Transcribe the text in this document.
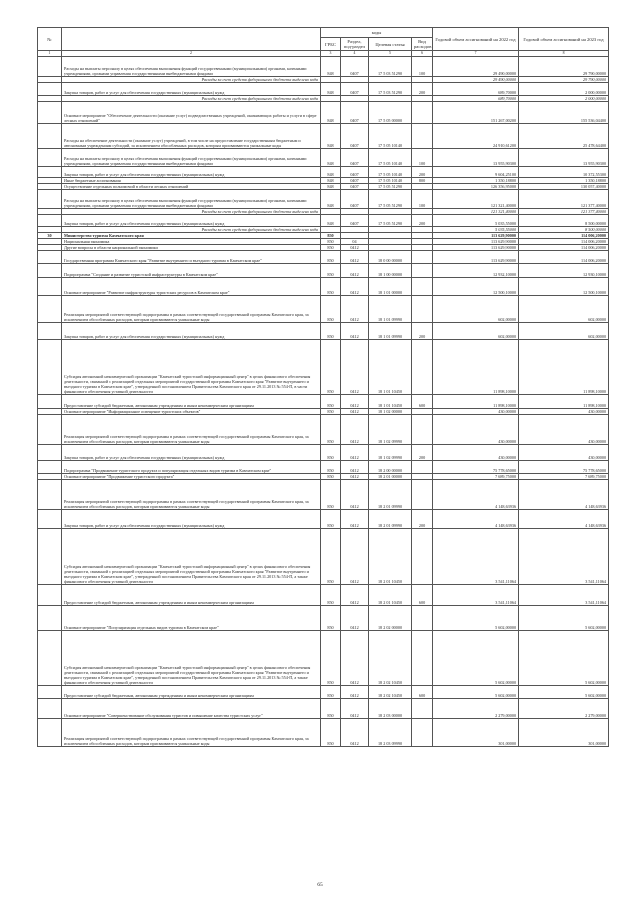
№		коды				Годовой объем ассигнований на 2022 год	Годовой объем ассигнований на 2023 год
		ГРБС	Раздел, под-раздел	Целевая статья	Вид расходов		
1	2	3	4	5	6	7	8
	Расходы на выплаты персоналу в целях обеспечения выполнения функций государственными (муниципальными) органами, казенными учреждениями, органами управления государственными внебюджетными фондами	848	0407	17 5 03 51290	100	29 490,00000	29 790,00000
	Расходы за счет средств федерального бюджета выделено кода					29 490,00000	29 790,00000
	Закупка товаров, работ и услуг для обеспечения государственных (муниципальных) нужд	848	0407	17 5 03 51290	200	689,70000	2 000,00000
	Расходы за счет средств федерального бюджета выделено кода					689,70000	2 000,00000
	Основное мероприятие "Обеспечение деятельности (оказание услуг) подведомственных учреждений, оказывающих работы и услуги в сфере лесных отношений"	848	0407	17 5 05 00000		151 267,00200	155 536,04400
	Расходы на обеспечение деятельности (оказание услуг) учреждений, в том числе на предоставление государственным бюджетным и автономным учреждениям субсидий, за исключением обособленных расходов, которым присваиваются уникальные коды	848	0407	17 5 05 10140		24 910,61200	25 478,64400
	Расходы на выплаты персоналу в целях обеспечения выполнения функций государственными (муниципальными) органами, казенными учреждениями, органами управления государственными внебюджетными фондами	848	0407	17 5 05 10140	100	13 955,90300	13 955,90300
	Закупка товаров, работ и услуг для обеспечения государственных (муниципальных) нужд	848	0407	17 5 05 10140	200	9 604,25100	10 372,55300
	Иные бюджетные ассигнования	848	0407	17 5 05 10140	800	1 350,18800	1 350,18800
	Осуществление отдельных полномочий в области лесных отношений	848	0407	17 5 05 51290		126 356,95000	130 057,40000
	Расходы на выплаты персоналу в целях обеспечения выполнения функций государственными (муниципальными) органами, казенными учреждениями, органами управления государственными внебюджетными фондами	848	0407	17 5 05 51290	100	121 321,40000	121 377,40000
	Расходы за счет средств федерального бюджета выделено кода					121 321,40000	121 377,40000
	Закупка товаров, работ и услуг для обеспечения государственных (муниципальных) нужд	848	0407	17 5 05 51290	200	5 035,55000	8 500,00000
	Расходы за счет средств федерального бюджета выделено кода					5 035,55000	8 500,00000
30	Министерство туризма Камчатского края	850				113 629,90000	114 006,20000
	Национальная экономика	850	04			113 629,90000	114 006,20000
	Другие вопросы в области национальной экономики	850	0412			113 629,90000	114 006,20000
	Государственная программа Камчатского края "Развитие внутреннего и въездного туризма в Камчатском крае"	850	0412	18 0 00 00000		113 629,90000	114 006,20000
	Подпрограмма "Создание и развитие туристской инфраструктуры в Камчатском крае"	850	0412	18 1 00 00000		12 932,10000	12 930,10000
	Основное мероприятие "Развитие инфраструктуры туристских ресурсов в Камчатском крае"	850	0412	18 1 01 00000		12 500,10000	12 500,10000
	Реализация мероприятий соответствующей подпрограммы в рамках соответствующей государственной программы Камчатского края, за исключением обособленных расходов, которым присваиваются уникальные коды	850	0412	18 1 01 09990		602,00000	602,00000
	Закупка товаров, работ и услуг для обеспечения государственных (муниципальных) нужд	850	0412	18 1 01 09990	200	602,00000	602,00000
	Субсидия автономной некоммерческой организации "Камчатский туристский информационный центр" в целях финансового обеспечения деятельности, связанной с реализацией отдельных мероприятий государственной программы Камчатского края "Развитие внутреннего и въездного туризма в Камчатском крае", утвержденной постановлением Правительства Камчатского края от 29.11.2013 № 554-П, в части финансового обеспечения уставной деятельности	850	0412	18 1 01 10450		11 898,10000	11 898,10000
	Предоставление субсидий бюджетным, автономным учреждениям и иным некоммерческим организациям	850	0412	18 1 01 10450	600	11 898,10000	11 898,10000
	Основное мероприятие "Информационное освещение туристских объектов"	850	0412	18 1 02 00000		430,00000	430,00000
	Реализация мероприятий соответствующей подпрограммы в рамках соответствующей государственной программы Камчатского края, за исключением обособленных расходов, которым присваиваются уникальные коды	850	0412	18 1 02 09990		430,00000	430,00000
	Закупка товаров, работ и услуг для обеспечения государственных (муниципальных) нужд	850	0412	18 1 02 09990	200	430,00000	430,00000
	Подпрограмма "Продвижение туристского продукта и популяризация отдельных видов туризма в Камчатском крае"	850	0412	18 2 00 00000		75 778,65000	75 778,65000
	Основное мероприятие "Продвижение туристского продукта"	850	0412	18 2 01 00000		7 689,75000	7 689,75000
	Реализация мероприятий соответствующей подпрограммы в рамках соответствующей государственной программы Камчатского края, за исключением обособленных расходов, которым присваиваются уникальные коды	850	0412	18 2 01 09990		4 148,63936	4 148,63936
	Закупка товаров, работ и услуг для обеспечения государственных (муниципальных) нужд	850	0412	18 2 01 09990	200	4 148,63936	4 148,63936
	Субсидия автономной некоммерческой организации "Камчатский туристский информационный центр" в целях финансового обеспечения деятельности, связанной с реализацией отдельных мероприятий государственной программы Камчатского края "Развитие внутреннего и въездного туризма в Камчатском крае", утвержденной постановлением Правительства Камчатского края от 29.11.2013 № 554-П, а также финансового обеспечения уставной деятельности	850	0412	18 2 01 10450		3 541,11064	3 541,11064
	Предоставление субсидий бюджетным, автономным учреждениям и иным некоммерческим организациям	850	0412	18 2 01 10450	600	3 541,11064	3 541,11064
	Основное мероприятие "Популяризация отдельных видов туризма в Камчатском крае"	850	0412	18 2 02 00000		5 602,00000	5 602,00000
	Субсидия автономной некоммерческой организации "Камчатский туристский информационный центр" в целях финансового обеспечения деятельности, связанной с реализацией отдельных мероприятий государственной программы Камчатского края "Развитие внутреннего и въездного туризма в Камчатском крае", утвержденной постановлением Правительства Камчатского края от 29.11.2013 № 554-П, а также финансового обеспечения уставной деятельности	850	0412	18 2 02 10450		5 602,00000	5 602,00000
	Предоставление субсидий бюджетным, автономным учреждениям и иным некоммерческим организациям	850	0412	18 2 02 10450	600	5 602,00000	5 602,00000
	Основное мероприятие "Совершенствование обслуживания туристов и повышение качества туристских услуг"	850	0412	18 2 03 00000		2 279,00000	2 279,00000
	Реализация мероприятий соответствующей подпрограммы в рамках соответствующей государственной программы Камчатского края, за исключением обособленных расходов, которым присваиваются уникальные коды	850	0412	18 2 03 09990		301,00000	301,00000
65
